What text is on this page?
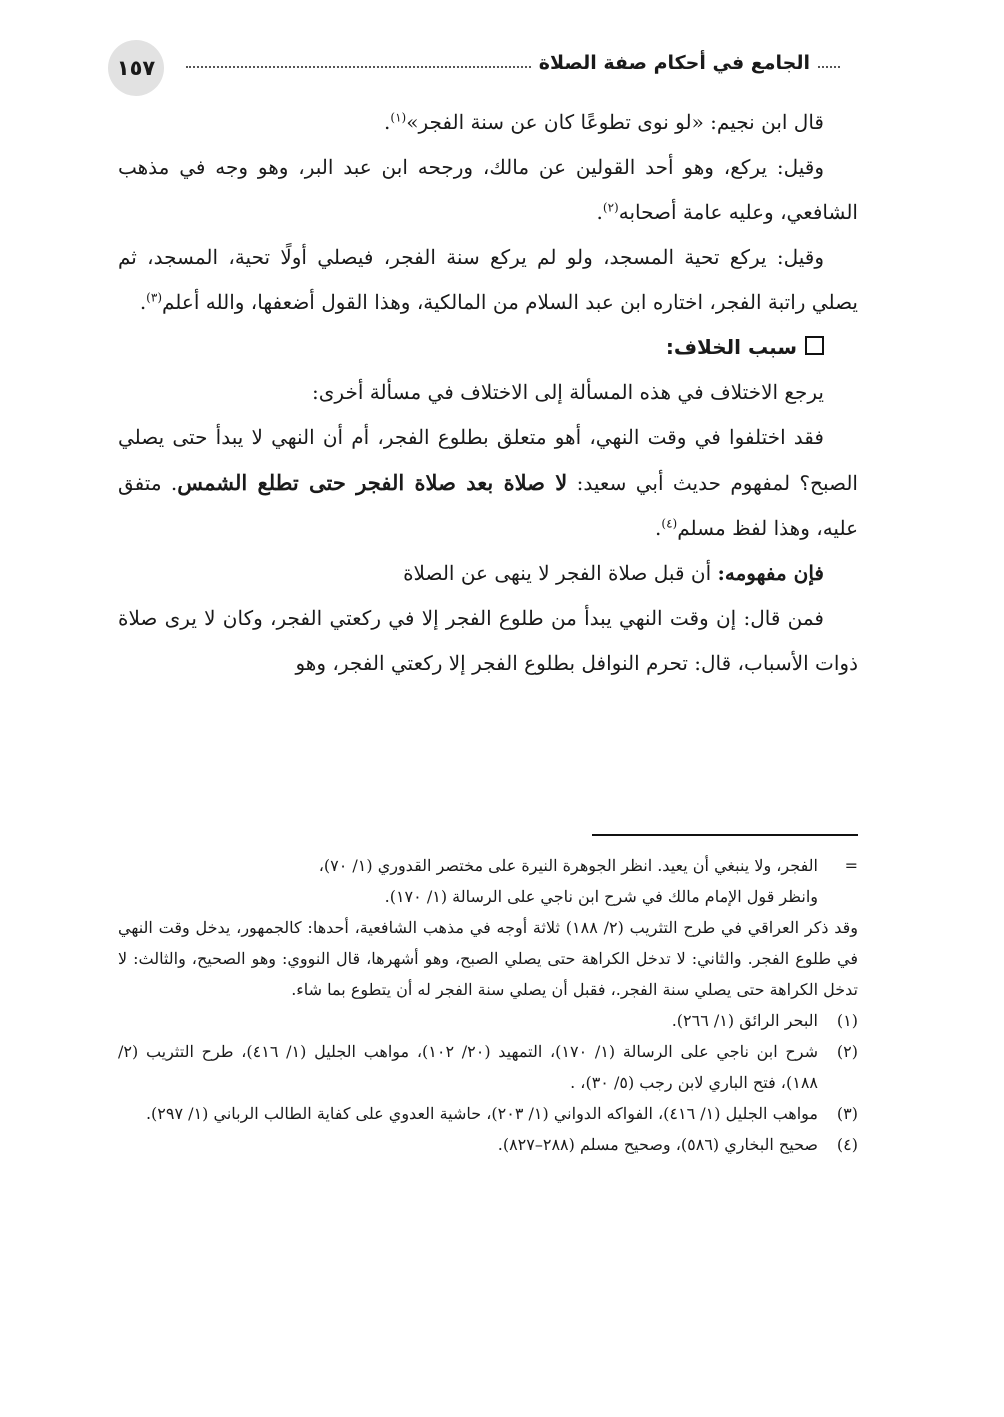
١٥٧	الجامع في أحكام صفة الصلاة

قال ابن نجيم: «لو نوى تطوعًا كان عن سنة الفجر»$^{(١)}$.

وقيل: يركع، وهو أحد القولين عن مالك، ورجحه ابن عبد البر، وهو وجه في مذهب الشافعي، وعليه عامة أصحابه$^{(٢)}$.

وقيل: يركع تحية المسجد، ولو لم يركع سنة الفجر، فيصلي أولًا تحية، المسجد، ثم يصلي راتبة الفجر، اختاره ابن عبد السلام من المالكية، وهذا القول أضعفها، والله أعلم$^{(٣)}$.

سبب الخلاف:

يرجع الاختلاف في هذه المسألة إلى الاختلاف في مسألة أخرى:

فقد اختلفوا في وقت النهي، أهو متعلق بطلوع الفجر، أم أن النهي لا يبدأ حتى يصلي الصبح؟ لمفهوم حديث أبي سعيد: لا صلاة بعد صلاة الفجر حتى تطلع الشمس. متفق عليه، وهذا لفظ مسلم$^{(٤)}$.

فإن مفهومه: أن قبل صلاة الفجر لا ينهى عن الصلاة

فمن قال: إن وقت النهي يبدأ من طلوع الفجر إلا في ركعتي الفجر، وكان لا يرى صلاة ذوات الأسباب، قال: تحرم النوافل بطلوع الفجر إلا ركعتي الفجر، وهو

=
الفجر، ولا ينبغي أن يعيد. انظر الجوهرة النيرة على مختصر القدوري (١/ ٧٠)،
وانظر قول الإمام مالك في شرح ابن ناجي على الرسالة (١/ ١٧٠).

وقد ذكر العراقي في طرح التثريب (٢/ ١٨٨) ثلاثة أوجه في مذهب الشافعية، أحدها: كالجمهور، يدخل وقت النهي في طلوع الفجر. والثاني: لا تدخل الكراهة حتى يصلي الصبح، وهو أشهرها، قال النووي: وهو الصحيح، والثالث: لا تدخل الكراهة حتى يصلي سنة الفجر.، فقبل أن يصلي سنة الفجر له أن يتطوع بما شاء.

(١)
البحر الرائق (١/ ٢٦٦).
(٢)
شرح ابن ناجي على الرسالة (١/ ١٧٠)، التمهيد (٢٠/ ١٠٢)، مواهب الجليل (١/ ٤١٦)، طرح التثريب (٢/ ١٨٨)، فتح الباري لابن رجب (٥/ ٣٠)، .
(٣)
مواهب الجليل (١/ ٤١٦)، الفواكه الدواني (١/ ٢٠٣)، حاشية العدوي على كفاية الطالب الرباني (١/ ٢٩٧).
(٤)
صحيح البخاري (٥٨٦)، وصحيح مسلم (٢٨٨–٨٢٧).
